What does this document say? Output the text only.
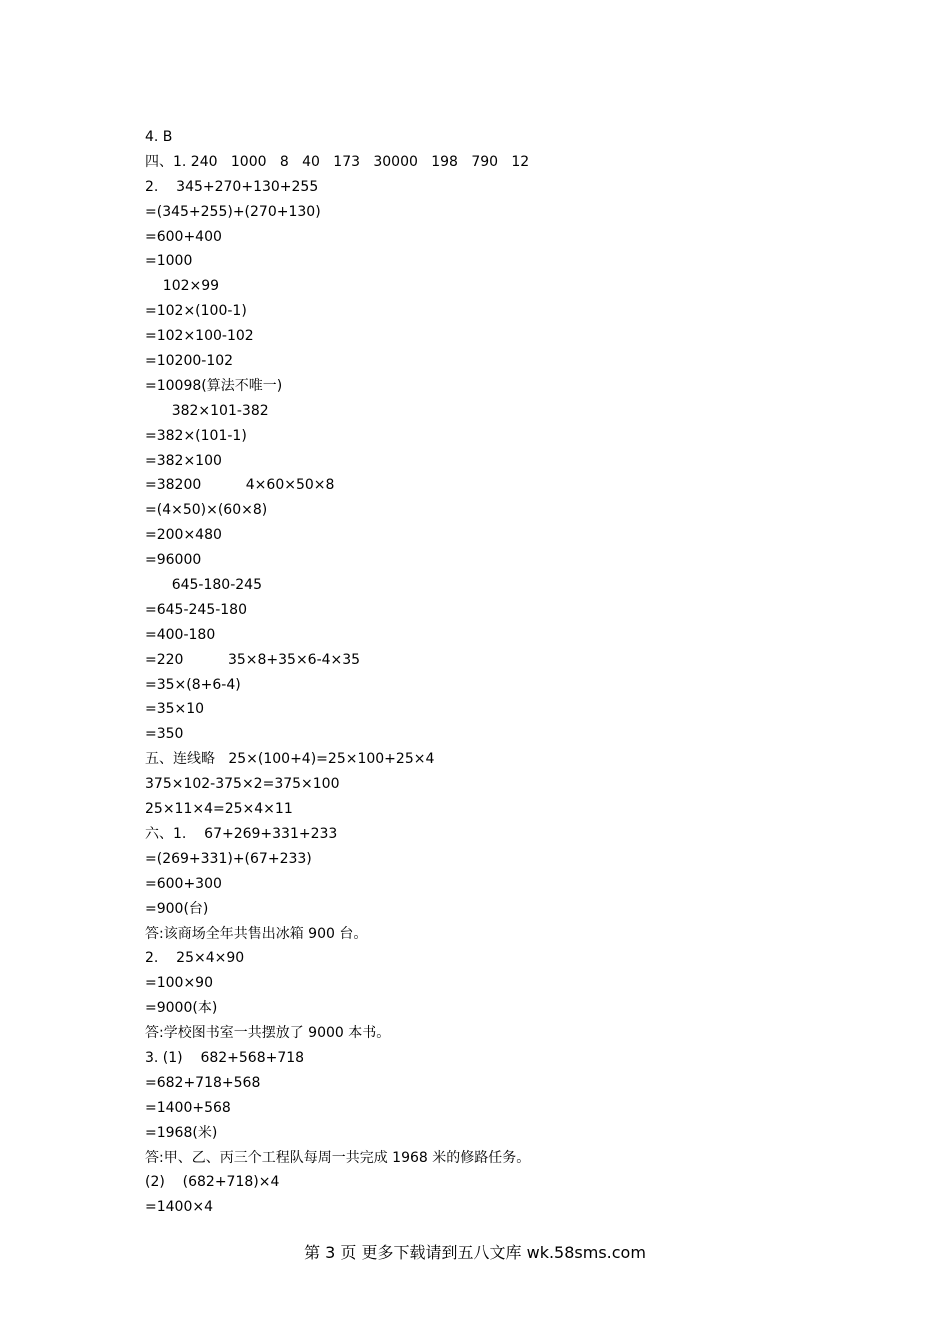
4. B
四、1. 240   1000   8   40   173   30000   198   790   12
2.    345+270+130+255
=(345+255)+(270+130)
=600+400
=1000
102×99
=102×(100-1)
=102×100-102
=10200-102
=10098(算法不唯一)
382×101-382
=382×(101-1)
=382×100
=38200          4×60×50×8
=(4×50)×(60×8)
=200×480
=96000
645-180-245
=645-245-180
=400-180
=220          35×8+35×6-4×35
=35×(8+6-4)
=35×10
=350
五、连线略   25×(100+4)=25×100+25×4
375×102-375×2=375×100
25×11×4=25×4×11
六、1.    67+269+331+233
=(269+331)+(67+233)
=600+300
=900(台)
答:该商场全年共售出冰箱 900 台。
2.    25×4×90
=100×90
=9000(本)
答:学校图书室一共摆放了 9000 本书。
3. (1)    682+568+718
=682+718+568
=1400+568
=1968(米)
答:甲、乙、丙三个工程队每周一共完成 1968 米的修路任务。
(2)    (682+718)×4
=1400×4
第 3 页 更多下载请到五八文库 wk.58sms.com
